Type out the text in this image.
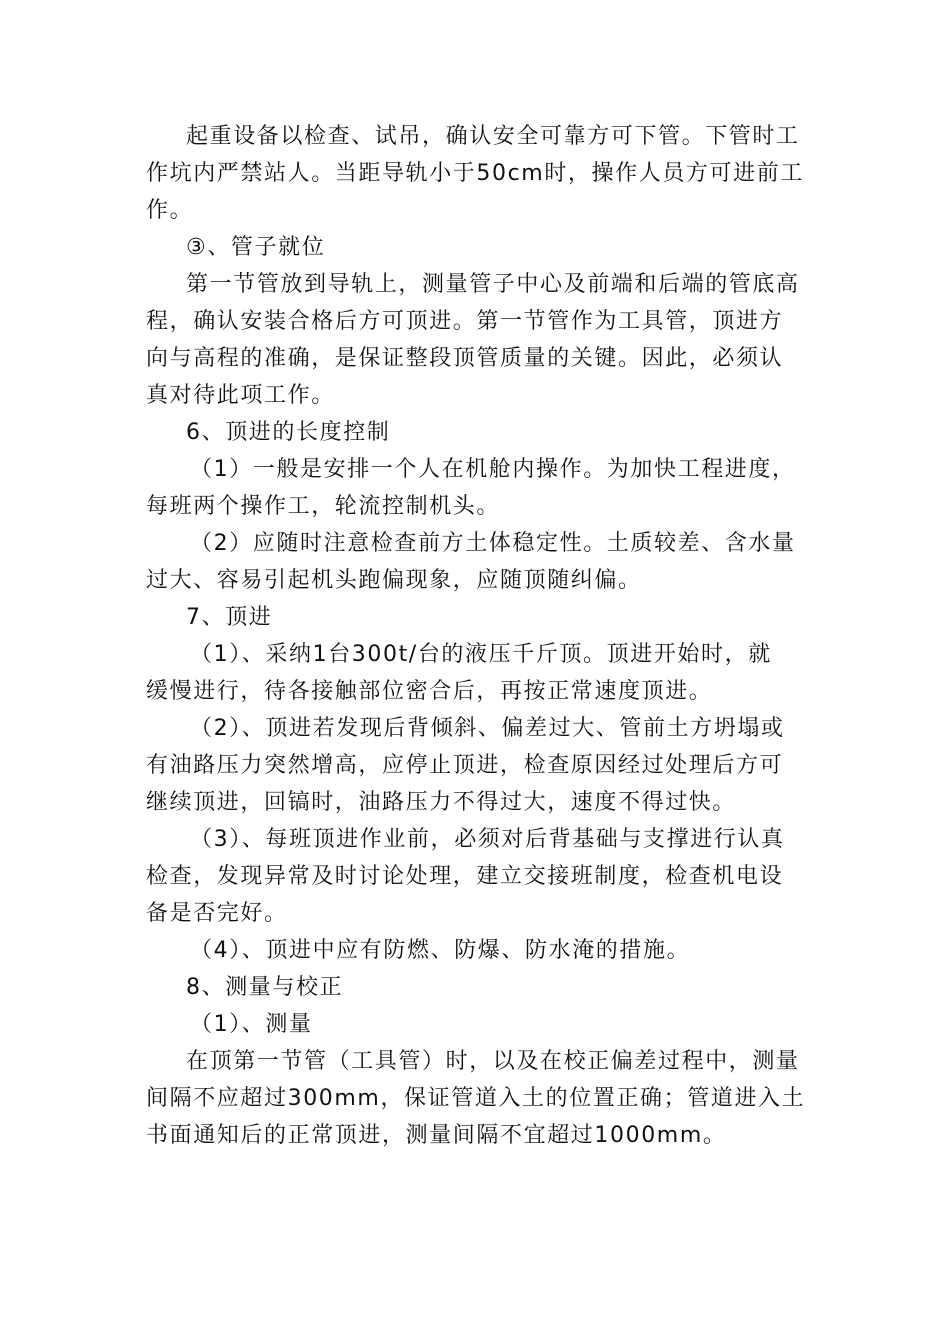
起重设备以检查、试吊，确认安全可靠方可下管。下管时工
作坑内严禁站人。当距导轨小于50cm时，操作人员方可进前工
作。
③、管子就位
第一节管放到导轨上，测量管子中心及前端和后端的管底高
程，确认安装合格后方可顶进。第一节管作为工具管，顶进方
向与高程的准确，是保证整段顶管质量的关键。因此，必须认
真对待此项工作。
6、顶进的长度控制
（1）一般是安排一个人在机舱内操作。为加快工程进度，
每班两个操作工，轮流控制机头。
（2）应随时注意检查前方土体稳定性。土质较差、含水量
过大、容易引起机头跑偏现象，应随顶随纠偏。
7、顶进
（1）、采纳1台300t/台的液压千斤顶。顶进开始时，就
缓慢进行，待各接触部位密合后，再按正常速度顶进。
（2）、顶进若发现后背倾斜、偏差过大、管前土方坍塌或
有油路压力突然增高，应停止顶进，检查原因经过处理后方可
继续顶进，回镐时，油路压力不得过大，速度不得过快。
（3）、每班顶进作业前，必须对后背基础与支撑进行认真
检查，发现异常及时讨论处理，建立交接班制度，检查机电设
备是否完好。
（4）、顶进中应有防燃、防爆、防水淹的措施。
8、测量与校正
（1）、测量
在顶第一节管（工具管）时，以及在校正偏差过程中，测量
间隔不应超过300mm，保证管道入土的位置正确；管道进入土
书面通知后的正常顶进，测量间隔不宜超过1000mm。
